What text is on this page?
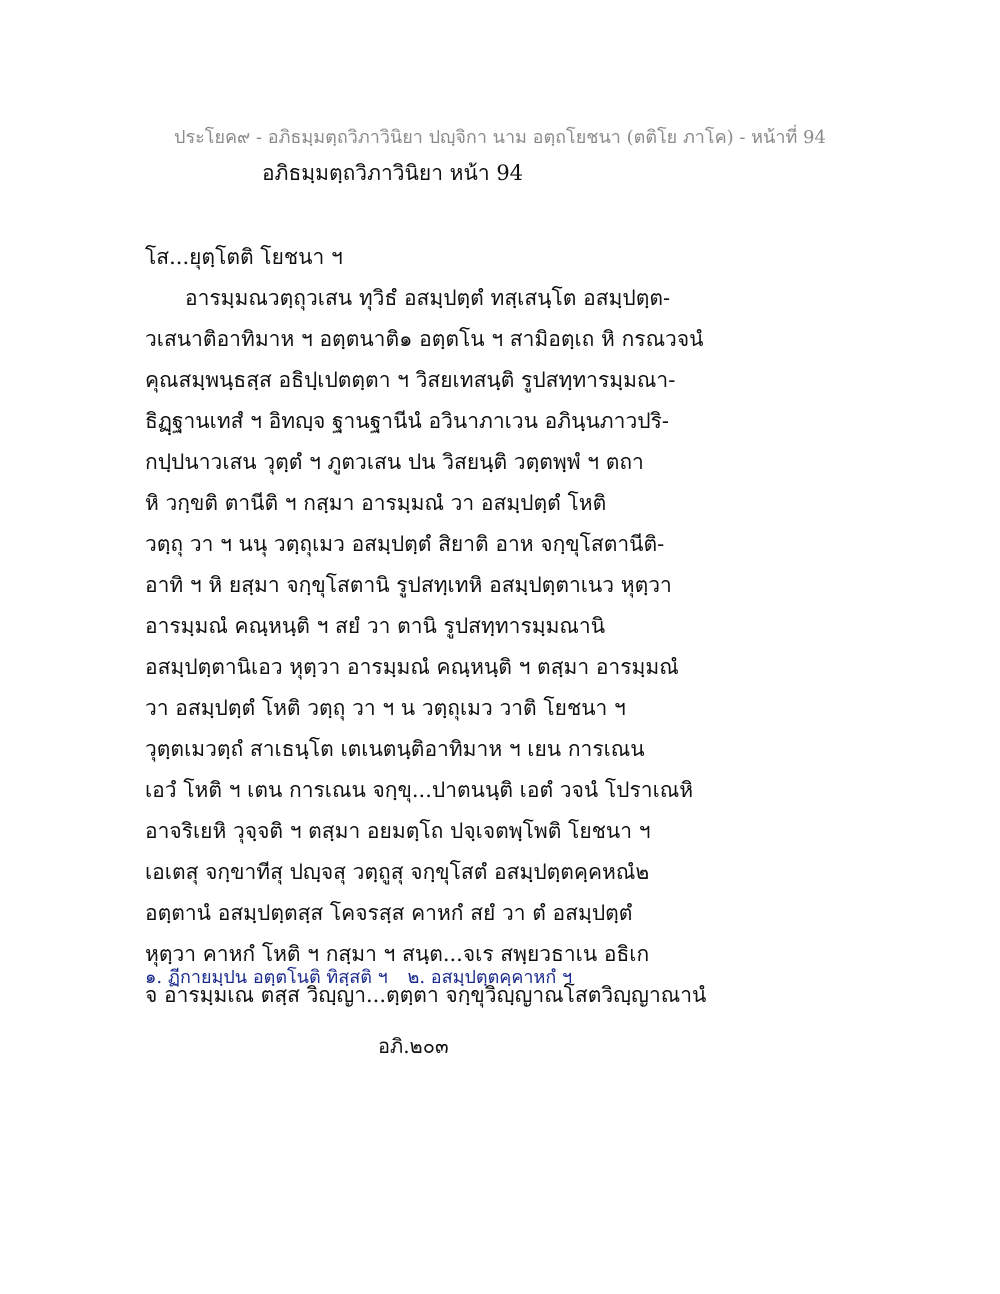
ประโยค๙ - อภิธมฺมตฺถวิภาวินิยา ปญฺจิกา นาม อตฺถโยชนา (ตติโย ภาโค) - หน้าที่ 94
อภิธมฺมตฺถวิภาวินิยา หน้า 94
โส...ยุตฺโตติ โยชนา ฯ
อารมฺมณวตฺถุวเสน ทุวิธํ อสมฺปตฺตํ ทสฺเสนฺโต อสมฺปตฺต-
วเสนาติอาทิมาห ฯ อตฺตนาติ๑ อตฺตโน ฯ สามิอตฺเถ หิ กรณวจนํ
คุณสมฺพนฺธสฺส อธิปฺเปตตฺตา ฯ วิสยเทสนฺติ รูปสทฺทารมฺมณา-
ธิฏฺฐานเทสํ ฯ อิทญฺจ ฐานฐานีนํ อวินาภาเวน อภินฺนภาวปริ-
กปฺปนาวเสน วุตฺตํ ฯ ภูตวเสน ปน วิสยนฺติ วตฺตพฺพํ ฯ ตถา
หิ วกฺขติ ตานีติ ฯ กสฺมา อารมฺมณํ วา อสมฺปตฺตํ โหติ
วตฺถุ วา ฯ นนุ วตฺถุเมว อสมฺปตฺตํ สิยาติ อาห จกฺขุโสตานีติ-
อาทิ ฯ หิ ยสฺมา จกฺขุโสตานิ รูปสทฺเทหิ อสมฺปตฺตาเนว หุตฺวา
อารมฺมณํ คณฺหนฺติ ฯ สยํ วา ตานิ รูปสทฺทารมฺมณานิ
อสมฺปตฺตานิเอว หุตฺวา อารมฺมณํ คณฺหนฺติ ฯ ตสฺมา อารมฺมณํ
วา อสมฺปตฺตํ โหติ วตฺถุ วา ฯ น วตฺถุเมว วาติ โยชนา ฯ
วุตฺตเมวตฺถํ สาเธนฺโต เตเนตนฺติอาทิมาห ฯ เยน การเณน
เอวํ โหติ ฯ เตน การเณน จกฺขุ...ปาตนนฺติ เอตํ วจนํ โปราเณหิ
อาจริเยหิ วุจฺจติ ฯ ตสฺมา อยมตฺโถ ปจฺเจตพฺโพติ โยชนา ฯ
เอเตสุ จกฺขาทีสุ ปญฺจสุ วตฺถูสุ จกฺขุโสตํ อสมฺปตฺตคฺคหณํ๒
อตฺตานํ อสมฺปตฺตสฺส โคจรสฺส คาหกํ สยํ วา ตํ อสมฺปตฺตํ
หุตฺวา คาหกํ โหติ ฯ กสฺมา ฯ สนฺต...จเร สพฺยวธาเน อธิเก
จ อารมฺมเณ ตสฺส วิญฺญา...ตฺตฺตา จกฺขุวิญฺญาณโสตวิญฺญาณานํ
๑. ฏีกายมฺปน อตฺตโนติ ทิสฺสติ ฯ ๒. อสมฺปตฺตคฺคาหกํ ฯ
อภิ.๒๐๓
